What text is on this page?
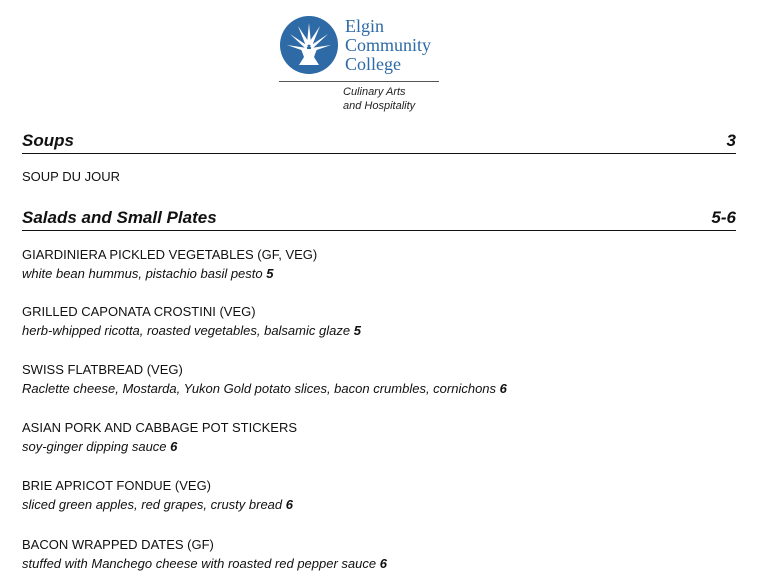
Elgin
Community
College
Culinary Arts
and Hospitality
Soups	3
SOUP DU JOUR
Salads and Small Plates	5-6
GIARDINIERA PICKLED VEGETABLES (GF, VEG)
white bean hummus, pistachio basil pesto 5
GRILLED CAPONATA CROSTINI (VEG)
herb-whipped ricotta, roasted vegetables, balsamic glaze 5
SWISS FLATBREAD (VEG)
Raclette cheese, Mostarda, Yukon Gold potato slices, bacon crumbles, cornichons 6
ASIAN PORK AND CABBAGE POT STICKERS
soy-ginger dipping sauce 6
BRIE APRICOT FONDUE (VEG)
sliced green apples, red grapes, crusty bread 6
BACON WRAPPED DATES (GF)
stuffed with Manchego cheese with roasted red pepper sauce 6
